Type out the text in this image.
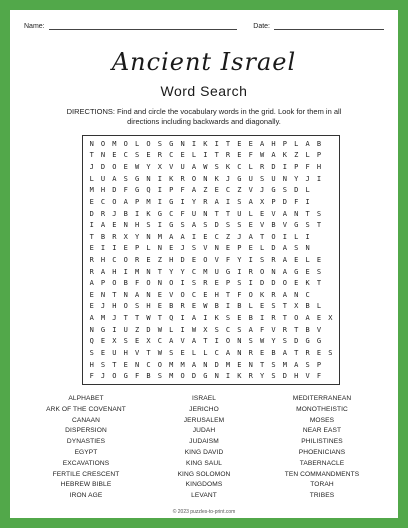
Name:	Date:
Ancient Israel
Word Search
DIRECTIONS: Find and circle the vocabulary words in the grid. Look for them in all directions including backwards and diagonally.
N	O	M	O	L	O	S	G	N	I	K	I	T	E	E	A	H	P	L	A	B
T	N	E	C	S	E	R	C	E	L	I	T	R	E	F	W	A	K	Z	L	P
J	D	O	E	W	Y	X	V	U	A	W	S	K	C	L	R	D	I	P	F	H
L	U	A	S	G	N	I	K	R	O	N	K	J	G	U	S	U	N	Y	J	I
M	H	D	F	G	Q	I	P	F	A	Z	E	C	Z	V	J	G	S	D	L
E	C	O	A	P	M	I	G	I	Y	R	A	I	S	A	X	P	D	F	I
D	R	J	B	I	K	G	C	F	U	N	T	T	U	L	E	V	A	N	T	S
I	A	E	N	H	S	I	G	S	A	S	D	S	S	E	V	B	V	G	S	T
T	B	R	X	Y	N	M	A	A	I	E	C	Z	J	A	T	O	I	L	I
E	I	I	E	P	L	N	E	J	S	V	N	E	P	E	L	D	A	S	N
R	H	C	O	R	E	Z	H	D	E	O	V	F	Y	I	S	R	A	E	L	E
R	A	H	I	M	N	T	Y	Y	C	M	U	G	I	R	O	N	A	G	E	S
A	P	O	B	F	O	N	O	I	S	R	E	P	S	I	D	D	O	E	K	T
E	N	T	N	A	N	E	V	O	C	E	H	T	F	O	K	R	A	N	C
E	J	H	O	S	H	E	B	R	E	W	B	I	B	L	E	S	T	X	B	L
A	M	J	T	T	W	T	Q	I	A	I	K	S	E	B	I	R	T	O	A	E	X
N	G	I	U	Z	D	W	L	I	W	X	S	C	S	A	F	V	R	T	B	V
Q	E	X	S	E	X	C	A	V	A	T	I	O	N	S	W	Y	S	D	G	G
S	E	U	H	V	T	W	S	E	L	L	C	A	N	R	E	B	A	T	R	E	S
H	S	T	E	N	C	O	M	M	A	N	D	M	E	N	T	S	M	A	S	P
F	J	O	G	F	B	S	M	O	D	G	N	I	K	R	Y	S	D	H	V	F
ALPHABET
ARK OF THE COVENANT
CANAAN
DISPERSION
DYNASTIES
EGYPT
EXCAVATIONS
FERTILE CRESCENT
HEBREW BIBLE
IRON AGE
ISRAEL
JERICHO
JERUSALEM
JUDAH
JUDAISM
KING DAVID
KING SAUL
KING SOLOMON
KINGDOMS
LEVANT
MEDITERRANEAN
MONOTHEISTIC
MOSES
NEAR EAST
PHILISTINES
PHOENICIANS
TABERNACLE
TEN COMMANDMENTS
TORAH
TRIBES
© 2023 puzzles-to-print.com
